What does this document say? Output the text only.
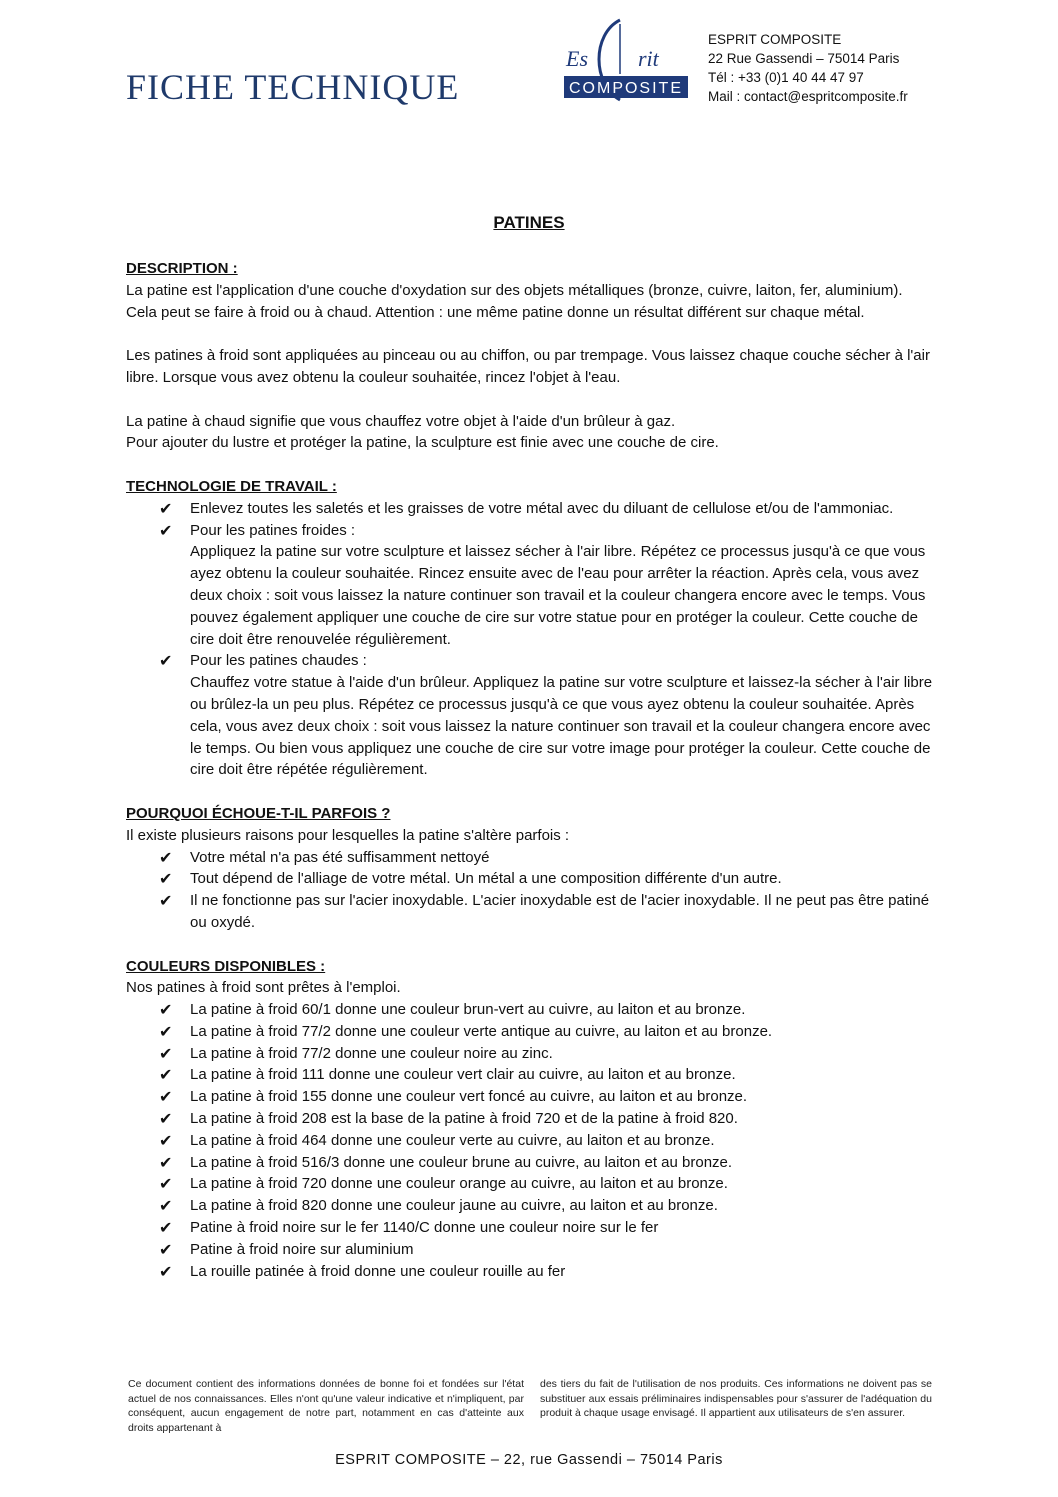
FICHE TECHNIQUE
Es rit
COMPOSITE
ESPRIT COMPOSITE
22 Rue Gassendi – 75014 Paris
Tél : +33 (0)1 40 44 47 97
Mail : contact@espritcomposite.fr
PATINES

DESCRIPTION :

La patine est l'application d'une couche d'oxydation sur des objets métalliques (bronze, cuivre, laiton, fer, aluminium). Cela peut se faire à froid ou à chaud. Attention : une même patine donne un résultat différent sur chaque métal.

Les patines à froid sont appliquées au pinceau ou au chiffon, ou par trempage. Vous laissez chaque couche sécher à l'air libre. Lorsque vous avez obtenu la couleur souhaitée, rincez l'objet à l'eau.

La patine à chaud signifie que vous chauffez votre objet à l'aide d'un brûleur à gaz.

Pour ajouter du lustre et protéger la patine, la sculpture est finie avec une couche de cire.

TECHNOLOGIE DE TRAVAIL :

✔ Enlevez toutes les saletés et les graisses de votre métal avec du diluant de cellulose et/ou de l'ammoniac.
✔ Pour les patines froides :
Appliquez la patine sur votre sculpture et laissez sécher à l'air libre. Répétez ce processus jusqu'à ce que vous ayez obtenu la couleur souhaitée. Rincez ensuite avec de l'eau pour arrêter la réaction. Après cela, vous avez deux choix : soit vous laissez la nature continuer son travail et la couleur changera encore avec le temps. Vous pouvez également appliquer une couche de cire sur votre statue pour en protéger la couleur. Cette couche de cire doit être renouvelée régulièrement.
✔ Pour les patines chaudes :
Chauffez votre statue à l'aide d'un brûleur. Appliquez la patine sur votre sculpture et laissez-la sécher à l'air libre ou brûlez-la un peu plus. Répétez ce processus jusqu'à ce que vous ayez obtenu la couleur souhaitée. Après cela, vous avez deux choix : soit vous laissez la nature continuer son travail et la couleur changera encore avec le temps. Ou bien vous appliquez une couche de cire sur votre image pour protéger la couleur. Cette couche de cire doit être répétée régulièrement.

POURQUOI ÉCHOUE-T-IL PARFOIS ?

Il existe plusieurs raisons pour lesquelles la patine s'altère parfois :

✔ Votre métal n'a pas été suffisamment nettoyé
✔ Tout dépend de l'alliage de votre métal. Un métal a une composition différente d'un autre.
✔ Il ne fonctionne pas sur l'acier inoxydable. L'acier inoxydable est de l'acier inoxydable. Il ne peut pas être patiné ou oxydé.

COULEURS DISPONIBLES :

Nos patines à froid sont prêtes à l'emploi.

✔ La patine à froid 60/1 donne une couleur brun-vert au cuivre, au laiton et au bronze.
✔ La patine à froid 77/2 donne une couleur verte antique au cuivre, au laiton et au bronze.
✔ La patine à froid 77/2 donne une couleur noire au zinc.
✔ La patine à froid 111 donne une couleur vert clair au cuivre, au laiton et au bronze.
✔ La patine à froid 155 donne une couleur vert foncé au cuivre, au laiton et au bronze.
✔ La patine à froid 208 est la base de la patine à froid 720 et de la patine à froid 820.
✔ La patine à froid 464 donne une couleur verte au cuivre, au laiton et au bronze.
✔ La patine à froid 516/3 donne une couleur brune au cuivre, au laiton et au bronze.
✔ La patine à froid 720 donne une couleur orange au cuivre, au laiton et au bronze.
✔ La patine à froid 820 donne une couleur jaune au cuivre, au laiton et au bronze.
✔ Patine à froid noire sur le fer 1140/C donne une couleur noire sur le fer
✔ Patine à froid noire sur aluminium
✔ La rouille patinée à froid donne une couleur rouille au fer
Ce document contient des informations données de bonne foi et fondées sur l'état actuel de nos connaissances. Elles n'ont qu'une valeur indicative et n'impliquent, par conséquent, aucun engagement de notre part, notamment en cas d'atteinte aux droits appartenant à
des tiers du fait de l'utilisation de nos produits. Ces informations ne doivent pas se substituer aux essais préliminaires indispensables pour s'assurer de l'adéquation du produit à chaque usage envisagé. Il appartient aux utilisateurs de s'en assurer.
ESPRIT COMPOSITE – 22, rue Gassendi – 75014 Paris
